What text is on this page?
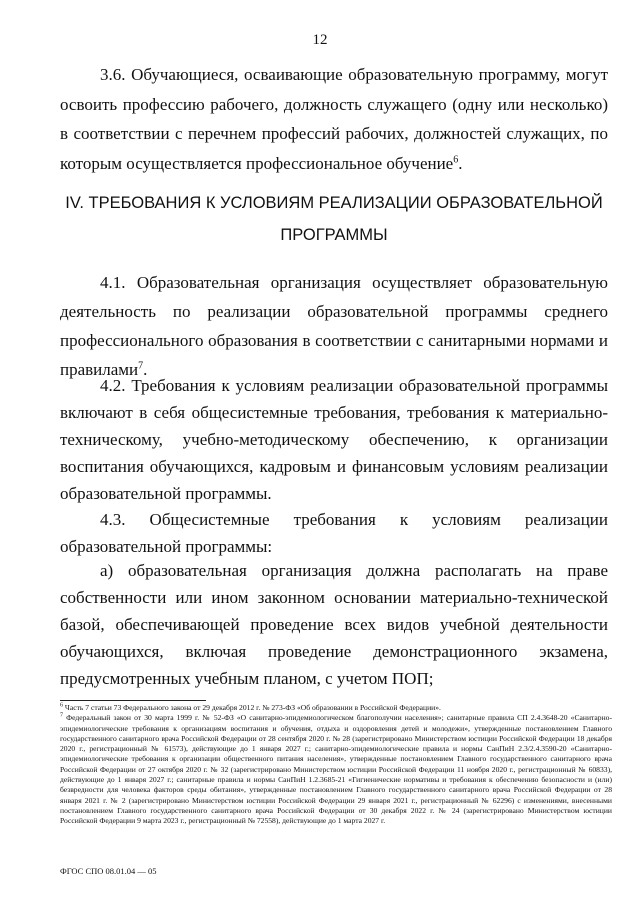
12

3.6. Обучающиеся, осваивающие образовательную программу, могут освоить профессию рабочего, должность служащего (одну или несколько) в соответствии с перечнем профессий рабочих, должностей служащих, по которым осуществляется профессиональное обучение$^6$.

IV. ТРЕБОВАНИЯ К УСЛОВИЯМ РЕАЛИЗАЦИИ ОБРАЗОВАТЕЛЬНОЙ
ПРОГРАММЫ

4.1. Образовательная организация осуществляет образовательную деятельность по реализации образовательной программы среднего профессионального образования в соответствии с санитарными нормами и правилами$^7$.

4.2. Требования к условиям реализации образовательной программы включают в себя общесистемные требования, требования к материально-техническому, учебно-методическому обеспечению, к организации воспитания обучающихся, кадровым и финансовым условиям реализации образовательной программы.

4.3. Общесистемные требования к условиям реализации образовательной программы:

а) образовательная организация должна располагать на праве собственности или ином законном основании материально-технической базой, обеспечивающей проведение всех видов учебной деятельности обучающихся, включая проведение демонстрационного экзамена, предусмотренных учебным планом, с учетом ПОП;

$^6$ Часть 7 статьи 73 Федерального закона от 29 декабря 2012 г. № 273-ФЗ «Об образовании в Российской Федерации».

$^7$ Федеральный закон от 30 марта 1999 г. № 52-ФЗ «О санитарно-эпидемиологическом благополучии населения»; санитарные правила СП 2.4.3648-20 «Санитарно-эпидемиологические требования к организациям воспитания и обучения, отдыха и оздоровления детей и молодежи», утвержденные постановлением Главного государственного санитарного врача Российской Федерации от 28 сентября 2020 г. № 28 (зарегистрировано Министерством юстиции Российской Федерации 18 декабря 2020 г., регистрационный № 61573), действующие до 1 января 2027 г.; санитарно-эпидемиологические правила и нормы СанПиН 2.3/2.4.3590-20 «Санитарно-эпидемиологические требования к организации общественного питания населения», утвержденные постановлением Главного государственного санитарного врача Российской Федерации от 27 октября 2020 г. № 32 (зарегистрировано Министерством юстиции Российской Федерации 11 ноября 2020 г., регистрационный № 60833), действующие до 1 января 2027 г.; санитарные правила и нормы СанПиН 1.2.3685-21 «Гигиенические нормативы и требования к обеспечению безопасности и (или) безвредности для человека факторов среды обитания», утвержденные постановлением Главного государственного санитарного врача Российской Федерации от 28 января 2021 г. № 2 (зарегистрировано Министерством юстиции Российской Федерации 29 января 2021 г., регистрационный № 62296) с изменениями, внесенными постановлением Главного государственного санитарного врача Российской Федерации от 30 декабря 2022 г. № 24 (зарегистрировано Министерством юстиции Российской Федерации 9 марта 2023 г., регистрационный № 72558), действующие до 1 марта 2027 г.

ФГОС СПО 08.01.04 — 05
